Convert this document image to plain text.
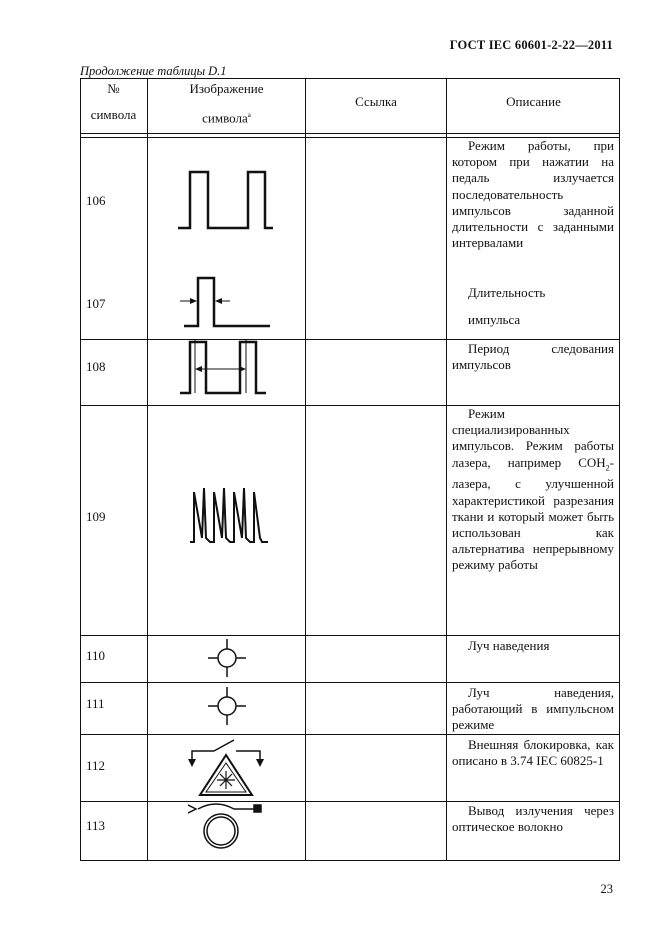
ГОСТ IEC 60601-2-22—2011
Продолжение таблицы D.1
№
символа
Изображение
символа$^a$
Ссылка	Описание
106
Режим работы, при котором при нажатии на педаль излучается последовательность импульсов заданной длительности с заданными интервалами
107
Длительность импульса
108
Период следования импульсов
109
Режим специализированных импульсов. Режим работы лазера, например $СОН_2$-лазера, с улучшенной характеристикой разрезания ткани и который может быть использован как альтернатива непрерывному режиму работы
110
Луч наведения
111
Луч наведения, работающий в импульсном режиме
112
Внешняя блокировка, как описано в 3.74 IEC 60825-1
113
Вывод излучения через оптическое волокно
23
